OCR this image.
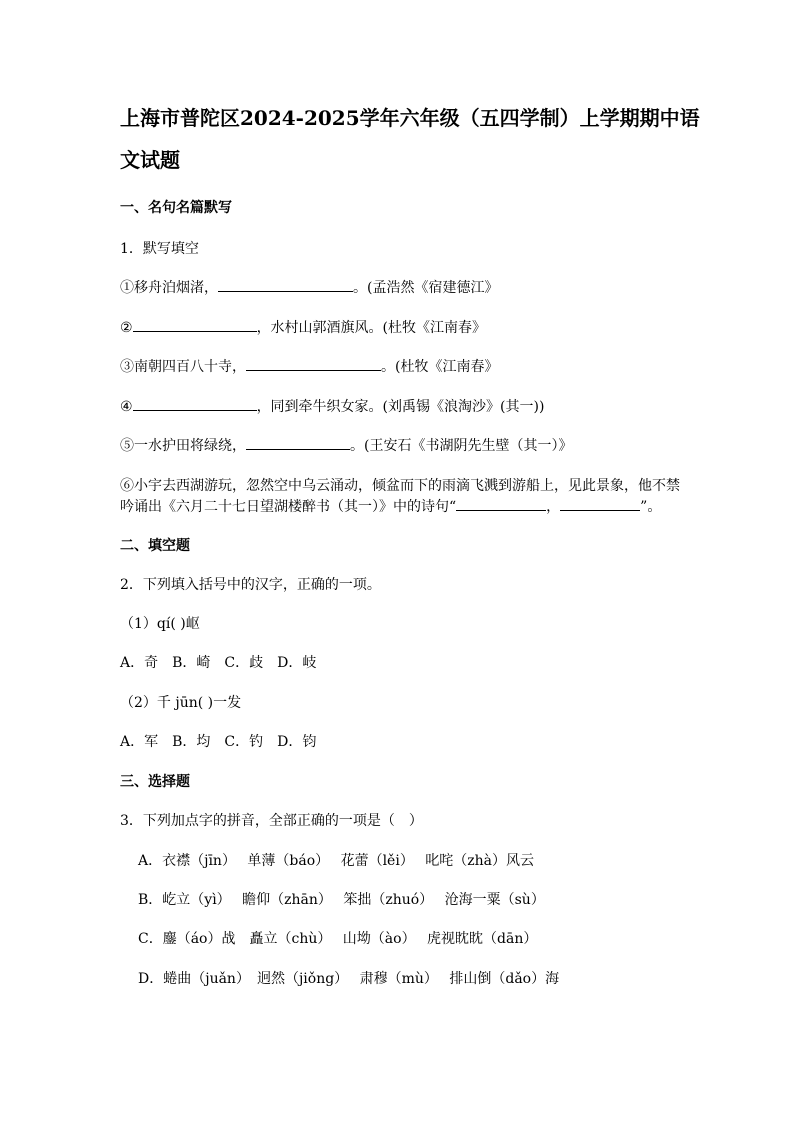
上海市普陀区2024-2025学年六年级（五四学制）上学期期中语
文试题
一、名句名篇默写
1．默写填空
①移舟泊烟渚，	。(孟浩然《宿建德江》
②	，水村山郭酒旗风。(杜牧《江南春》
③南朝四百八十寺，	。(杜牧《江南春》
④	，同到牵牛织女家。(刘禹锡《浪淘沙》(其一))
⑤一水护田将绿绕，	。(王安石《书湖阴先生壁（其一）》
⑥小宇去西湖游玩，忽然空中乌云涌动，倾盆而下的雨滴飞溅到游船上，见此景象，他不禁
吟诵出《六月二十七日望湖楼醉书（其一）》中的诗句“	，	”。
二、填空题
2．下列填入括号中的汉字，正确的一项。
（1）qí( )岖
A．奇　B．崎　C．歧　D．岐
（2）千 jūn( )一发
A．军　B．均　C．钓　D．钧
三、选择题
3．下列加点字的拼音，全部正确的一项是（　）
A．衣襟（jīn）　 单薄（báo）　 花蕾（lěi）　 叱咤（zhà）风云
B．屹立（yì）　 瞻仰（zhān）　 笨拙（zhuó）　 沧海一粟（sù）
C．鏖（áo）战　矗立（chù）　 山坳（ào）　 虎视眈眈（dān）
D．蜷曲（juǎn）　迥然（jiǒng）　 肃穆（mù）　 排山倒（dǎo）海
